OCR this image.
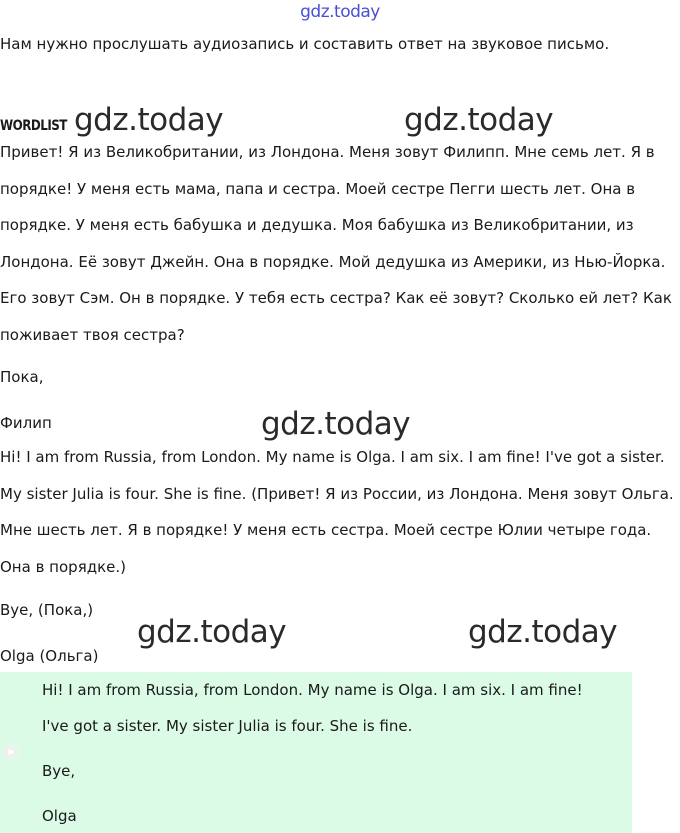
gdz.today
Нам нужно прослушать аудиозапись и составить ответ на звуковое письмо.
WORDLIST
Привет! Я из Великобритании, из Лондона. Меня зовут Филипп. Мне семь лет. Я в порядке! У меня есть мама, папа и сестра. Моей сестре Пегги шесть лет. Она в порядке. У меня есть бабушка и дедушка. Моя бабушка из Великобритании, из Лондона. Её зовут Джейн. Она в порядке. Мой дедушка из Америки, из Нью-Йорка. Его зовут Сэм. Он в порядке. У тебя есть сестра? Как её зовут? Сколько ей лет? Как поживает твоя сестра?
Пока,
Филип
Hi! I am from Russia, from London. My name is Olga. I am six. I am fine! I've got a sister. My sister Julia is four. She is fine. (Привет! Я из России, из Лондона. Меня зовут Ольга. Мне шесть лет. Я в порядке! У меня есть сестра. Моей сестре Юлии четыре года. Она в порядке.)
Bye, (Пока,)
Olga (Ольга)
Hi! I am from Russia, from London. My name is Olga. I am six. I am fine!
I've got a sister. My sister Julia is four. She is fine.
Bye,
Olga
gdz.today	gdz.today
gdz.today
gdz.today	gdz.today
